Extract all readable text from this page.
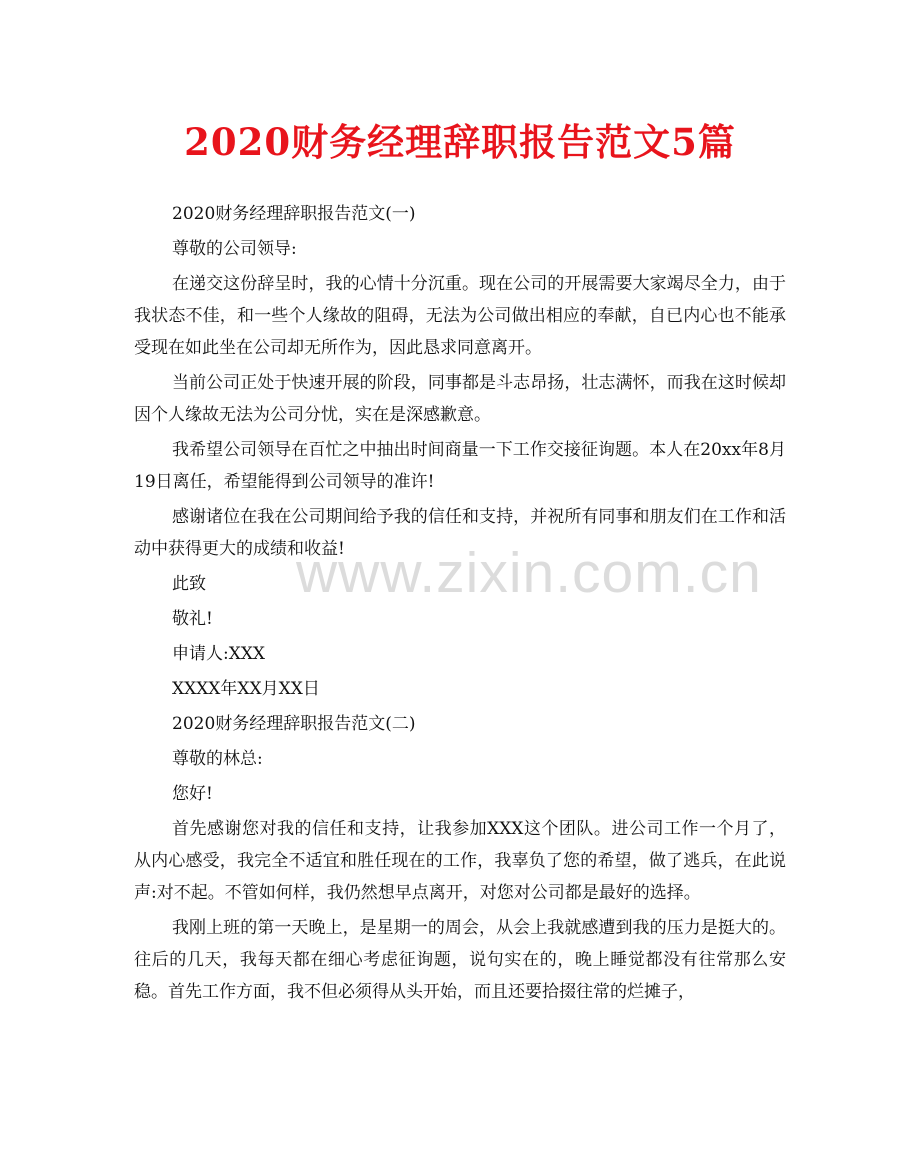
2020财务经理辞职报告范文5篇

2020财务经理辞职报告范文(一)

尊敬的公司领导:

在递交这份辞呈时，我的心情十分沉重。现在公司的开展需要大家竭尽全力，由于我状态不佳，和一些个人缘故的阻碍，无法为公司做出相应的奉献，自已内心也不能承受现在如此坐在公司却无所作为，因此恳求同意离开。

当前公司正处于快速开展的阶段，同事都是斗志昂扬，壮志满怀，而我在这时候却因个人缘故无法为公司分忧，实在是深感歉意。

我希望公司领导在百忙之中抽出时间商量一下工作交接征询题。本人在20xx年8月19日离任，希望能得到公司领导的准许!

感谢诸位在我在公司期间给予我的信任和支持，并祝所有同事和朋友们在工作和活动中获得更大的成绩和收益!

此致

敬礼!

申请人:XXX

XXXX年XX月XX日

2020财务经理辞职报告范文(二)

尊敬的林总:

您好!

首先感谢您对我的信任和支持，让我参加XXX这个团队。进公司工作一个月了，从内心感受，我完全不适宜和胜任现在的工作，我辜负了您的希望，做了逃兵，在此说声:对不起。不管如何样，我仍然想早点离开，对您对公司都是最好的选择。

我刚上班的第一天晚上，是星期一的周会，从会上我就感遭到我的压力是挺大的。往后的几天，我每天都在细心考虑征询题，说句实在的，晚上睡觉都没有往常那么安稳。首先工作方面，我不但必须得从头开始，而且还要拾掇往常的烂摊子，

www.zixin.com.cn
